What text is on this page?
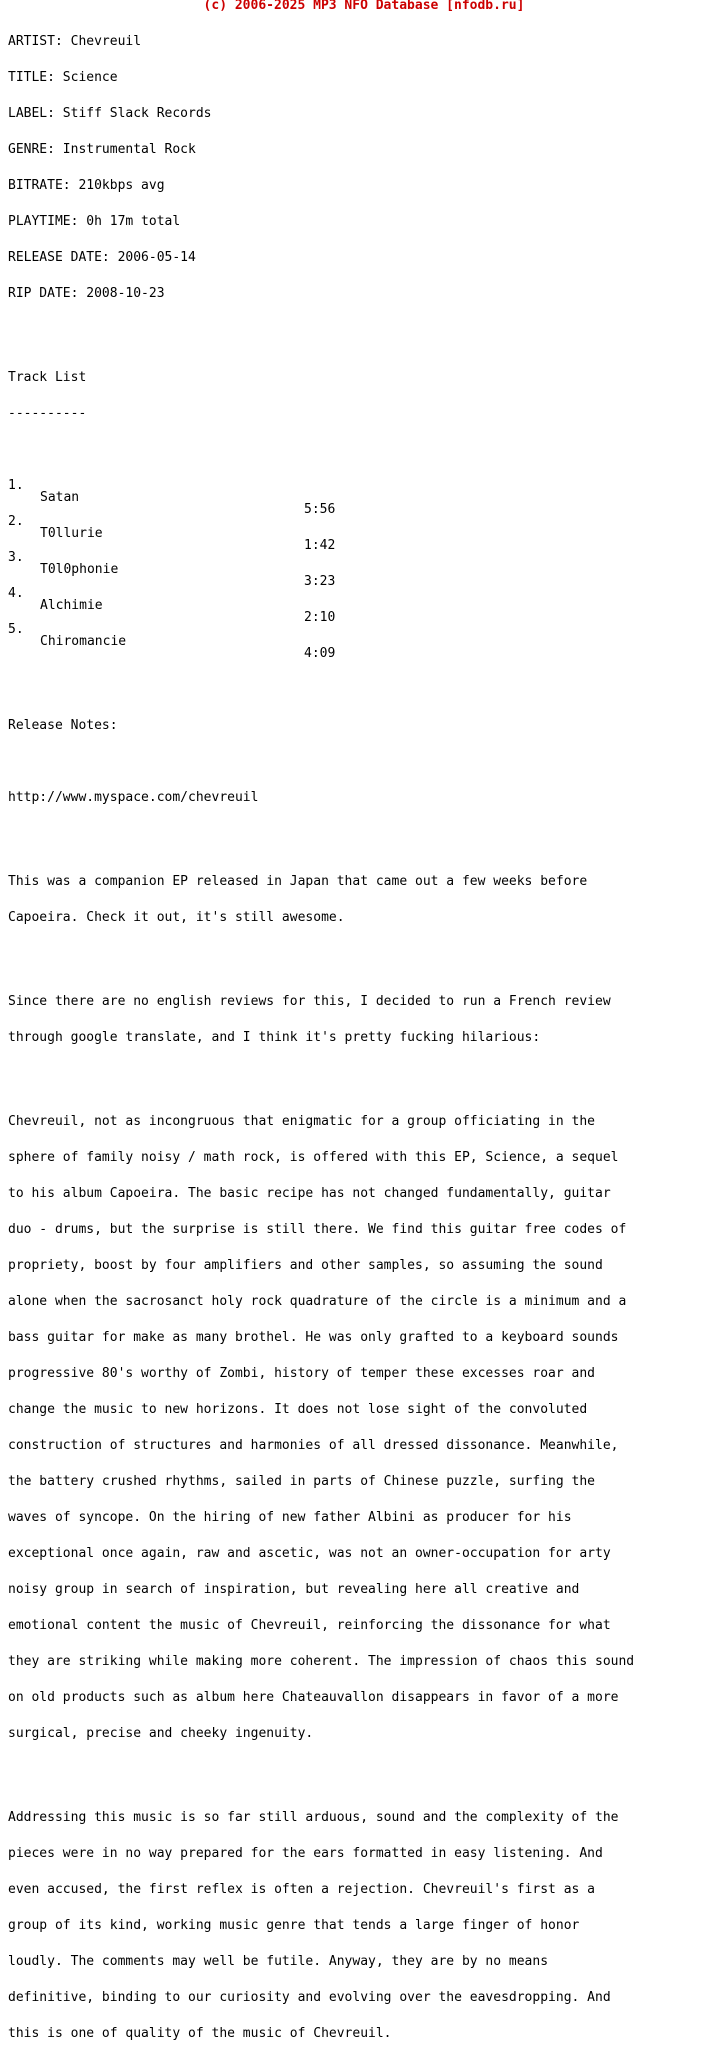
(c) 2006-2025 MP3 NFO Database [nfodb.ru]

ARTIST: Chevreuil

TITLE: Science

LABEL: Stiff Slack Records

GENRE: Instrumental Rock

BITRATE: 210kbps avg

PLAYTIME: 0h 17m total

RELEASE DATE: 2006-05-14

RIP DATE: 2008-10-23

Track List

----------

1.

Satan

5:56

2.

T0llurie

1:42

3.

T0l0phonie

3:23

4.

Alchimie

2:10

5.

Chiromancie

4:09

Release Notes:

http://www.myspace.com/chevreuil

This was a companion EP released in Japan that came out a few weeks before

Capoeira. Check it out, it's still awesome.

Since there are no english reviews for this, I decided to run a French review

through google translate, and I think it's pretty fucking hilarious:

Chevreuil, not as incongruous that enigmatic for a group officiating in the

sphere of family noisy / math rock, is offered with this EP, Science, a sequel

to his album Capoeira. The basic recipe has not changed fundamentally, guitar

duo - drums, but the surprise is still there. We find this guitar free codes of

propriety, boost by four amplifiers and other samples, so assuming the sound

alone when the sacrosanct holy rock quadrature of the circle is a minimum and a

bass guitar for make as many brothel. He was only grafted to a keyboard sounds

progressive 80's worthy of Zombi, history of temper these excesses roar and

change the music to new horizons. It does not lose sight of the convoluted

construction of structures and harmonies of all dressed dissonance. Meanwhile,

the battery crushed rhythms, sailed in parts of Chinese puzzle, surfing the

waves of syncope. On the hiring of new father Albini as producer for his

exceptional once again, raw and ascetic, was not an owner-occupation for arty

noisy group in search of inspiration, but revealing here all creative and

emotional content the music of Chevreuil, reinforcing the dissonance for what

they are striking while making more coherent. The impression of chaos this sound

on old products such as album here Chateauvallon disappears in favor of a more

surgical, precise and cheeky ingenuity.

Addressing this music is so far still arduous, sound and the complexity of the

pieces were in no way prepared for the ears formatted in easy listening. And

even accused, the first reflex is often a rejection. Chevreuil's first as a

group of its kind, working music genre that tends a large finger of honor

loudly. The comments may well be futile. Anyway, they are by no means

definitive, binding to our curiosity and evolving over the eavesdropping. And

this is one of quality of the music of Chevreuil.
